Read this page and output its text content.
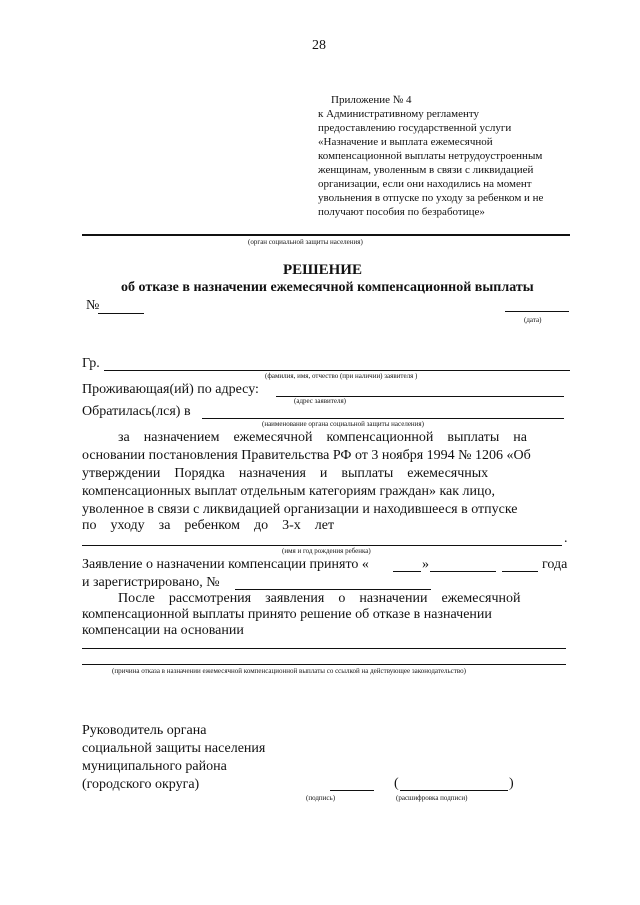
28
Приложение № 4
к Административному регламенту
предоставлению государственной услуги
«Назначение и выплата ежемесячной
компенсационной выплаты нетрудоустроенным
женщинам, уволенным в связи с ликвидацией
организации, если они находились на момент
увольнения в отпуске по уходу за ребенком и не
получают пособия по безработице»
(орган социальной защиты населения)
РЕШЕНИЕ
об отказе в назначении ежемесячной компенсационной выплаты
№
(дата)
Гр.
(фамилия, имя, отчество (при наличии) заявителя )
Проживающая(ий) по адресу:
(адрес заявителя)
Обратилась(лся) в
(наименование органа социальной защиты населения)
за    назначением    ежемесячной    компенсационной    выплаты    на
основании постановления Правительства РФ от 3 ноября 1994 № 1206 «Об
утверждении    Порядка    назначения    и    выплаты    ежемесячных
компенсационных выплат отдельным категориям граждан» как лицо,
уволенное в связи с ликвидацией организации и находившееся в отпуске
по    уходу    за    ребенком    до    3-х    лет
.
(имя и год рождения ребенка)
Заявление о назначении компенсации принято «	»	года
и зарегистрировано, №
После    рассмотрения    заявления    о    назначении    ежемесячной
компенсационной выплаты принято решение об отказе в назначении
компенсации на основании
(причина отказа в назначении ежемесячной компенсационной выплаты со ссылкой на действующее законодательство)
Руководитель органа
социальной защиты населения
муниципального района
(городского округа)
(подпись)
(	)
(расшифровка подписи)
